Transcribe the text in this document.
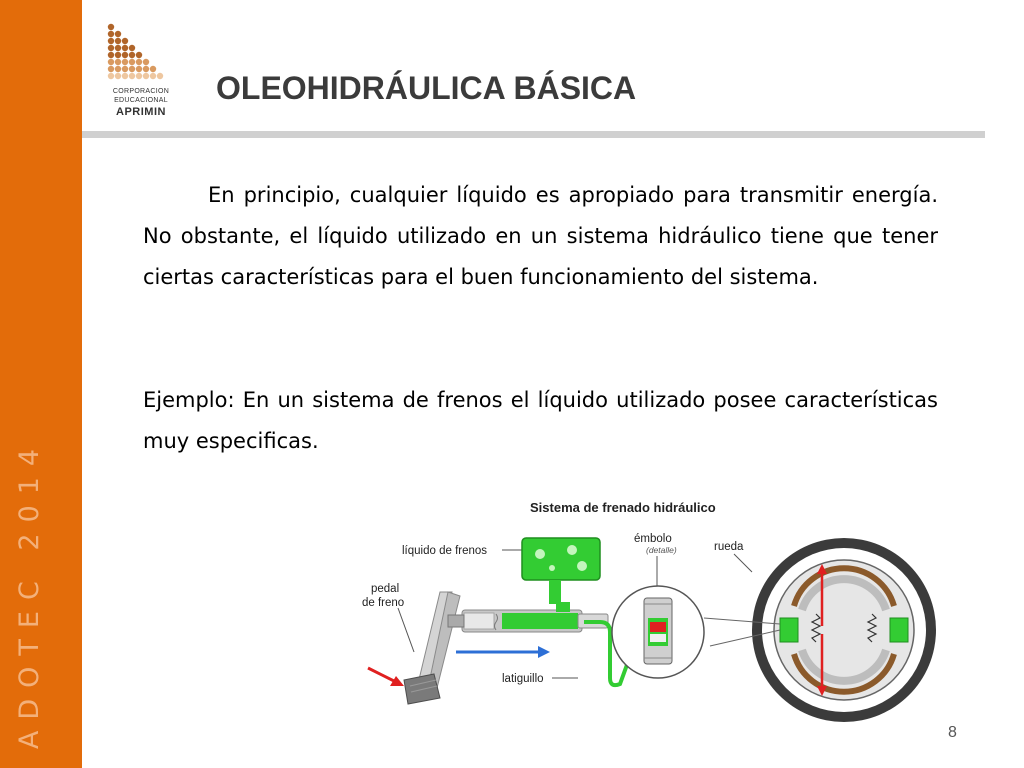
ADOTEC 2014
CORPORACION
EDUCACIONAL
APRIMIN
OLEOHIDRÁULICA BÁSICA

En principio, cualquier líquido es apropiado para transmitir energía. No obstante, el líquido utilizado en un sistema hidráulico tiene que tener ciertas características para el buen funcionamiento del sistema.

Ejemplo: En un sistema de frenos el líquido utilizado posee características muy especificas.

Sistema de frenado hidráulico
líquido de frenos
émbolo
(detalle)	rueda
pedal
de freno
latiguillo
8
